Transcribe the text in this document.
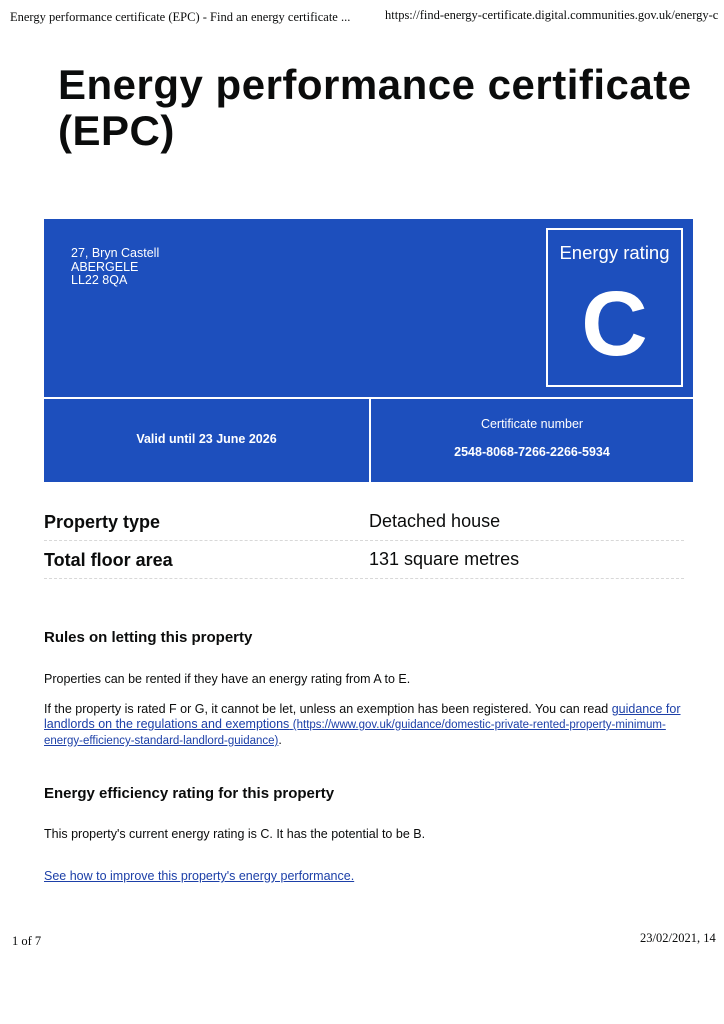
Energy performance certificate (EPC) - Find an energy certificate ...	https://find-energy-certificate.digital.communities.gov.uk/energy-c
Energy performance certificate (EPC)
27, Bryn Castell
ABERGELE
LL22 8QA
Energy rating
C
Valid until 23 June 2026
Certificate number
2548-8068-7266-2266-5934
Property type	Detached house
Total floor area	131 square metres
Rules on letting this property
Properties can be rented if they have an energy rating from A to E.
If the property is rated F or G, it cannot be let, unless an exemption has been registered. You can read guidance for landlords on the regulations and exemptions (https://www.gov.uk/guidance/domestic-private-rented-property-minimum-energy-efficiency-standard-landlord-guidance).
Energy efficiency rating for this property
This property's current energy rating is C. It has the potential to be B.
See how to improve this property's energy performance.
1 of 7	23/02/2021, 14
